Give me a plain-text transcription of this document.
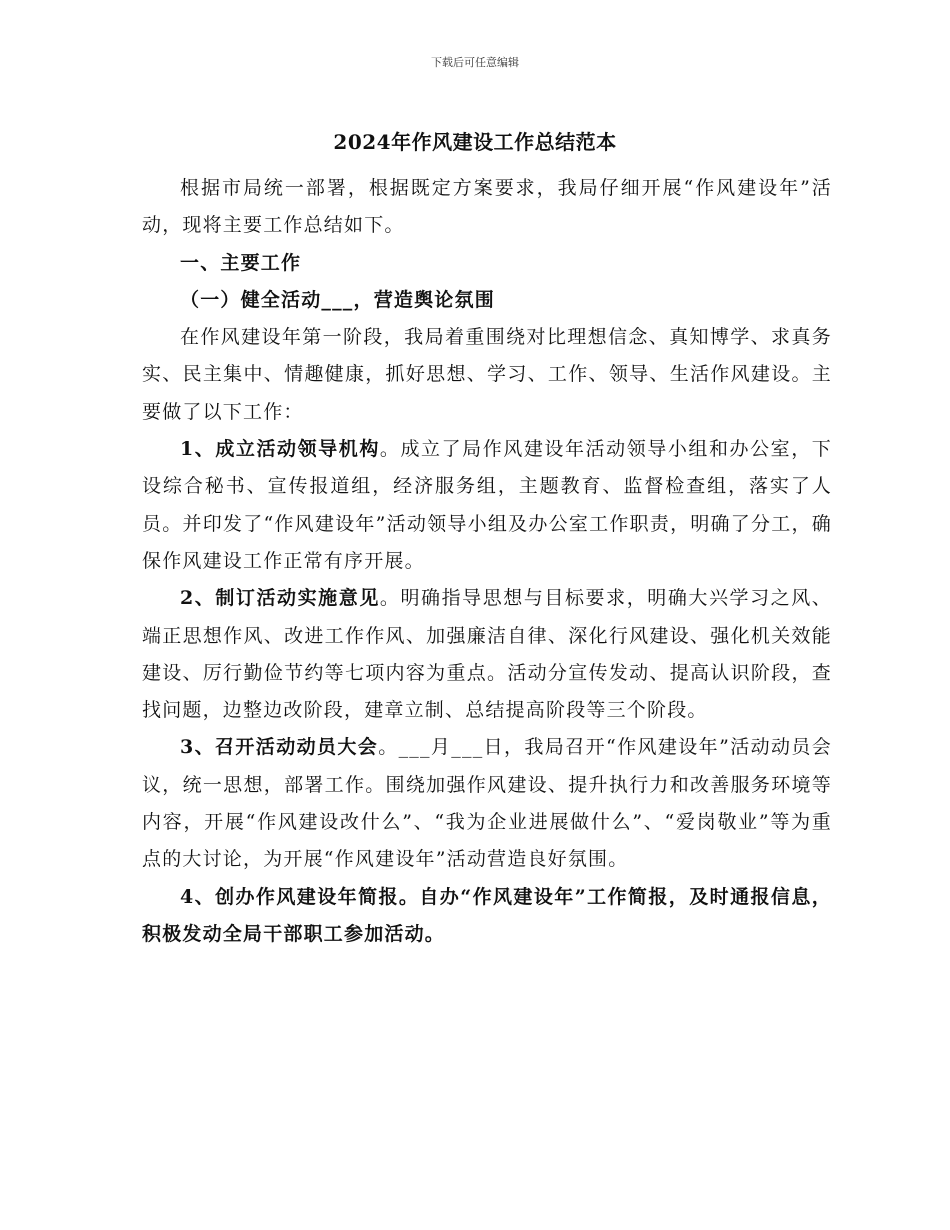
下载后可任意编辑
2024年作风建设工作总结范本

根据市局统一部署，根据既定方案要求，我局仔细开展“作风建设年”活动，现将主要工作总结如下。

一、主要工作

（一）健全活动___，营造舆论氛围

在作风建设年第一阶段，我局着重围绕对比理想信念、真知博学、求真务实、民主集中、情趣健康，抓好思想、学习、工作、领导、生活作风建设。主要做了以下工作：

1、成立活动领导机构。成立了局作风建设年活动领导小组和办公室，下设综合秘书、宣传报道组，经济服务组，主题教育、监督检查组，落实了人员。并印发了“作风建设年”活动领导小组及办公室工作职责，明确了分工，确保作风建设工作正常有序开展。

2、制订活动实施意见。明确指导思想与目标要求，明确大兴学习之风、端正思想作风、改进工作作风、加强廉洁自律、深化行风建设、强化机关效能建设、厉行勤俭节约等七项内容为重点。活动分宣传发动、提高认识阶段，查找问题，边整边改阶段，建章立制、总结提高阶段等三个阶段。

3、召开活动动员大会。___月___日，我局召开“作风建设年”活动动员会议，统一思想，部署工作。围绕加强作风建设、提升执行力和改善服务环境等内容，开展“作风建设改什么”、“我为企业进展做什么”、“爱岗敬业”等为重点的大讨论，为开展“作风建设年”活动营造良好氛围。

4、创办作风建设年简报。自办“作风建设年”工作简报，及时通报信息，积极发动全局干部职工参加活动。
